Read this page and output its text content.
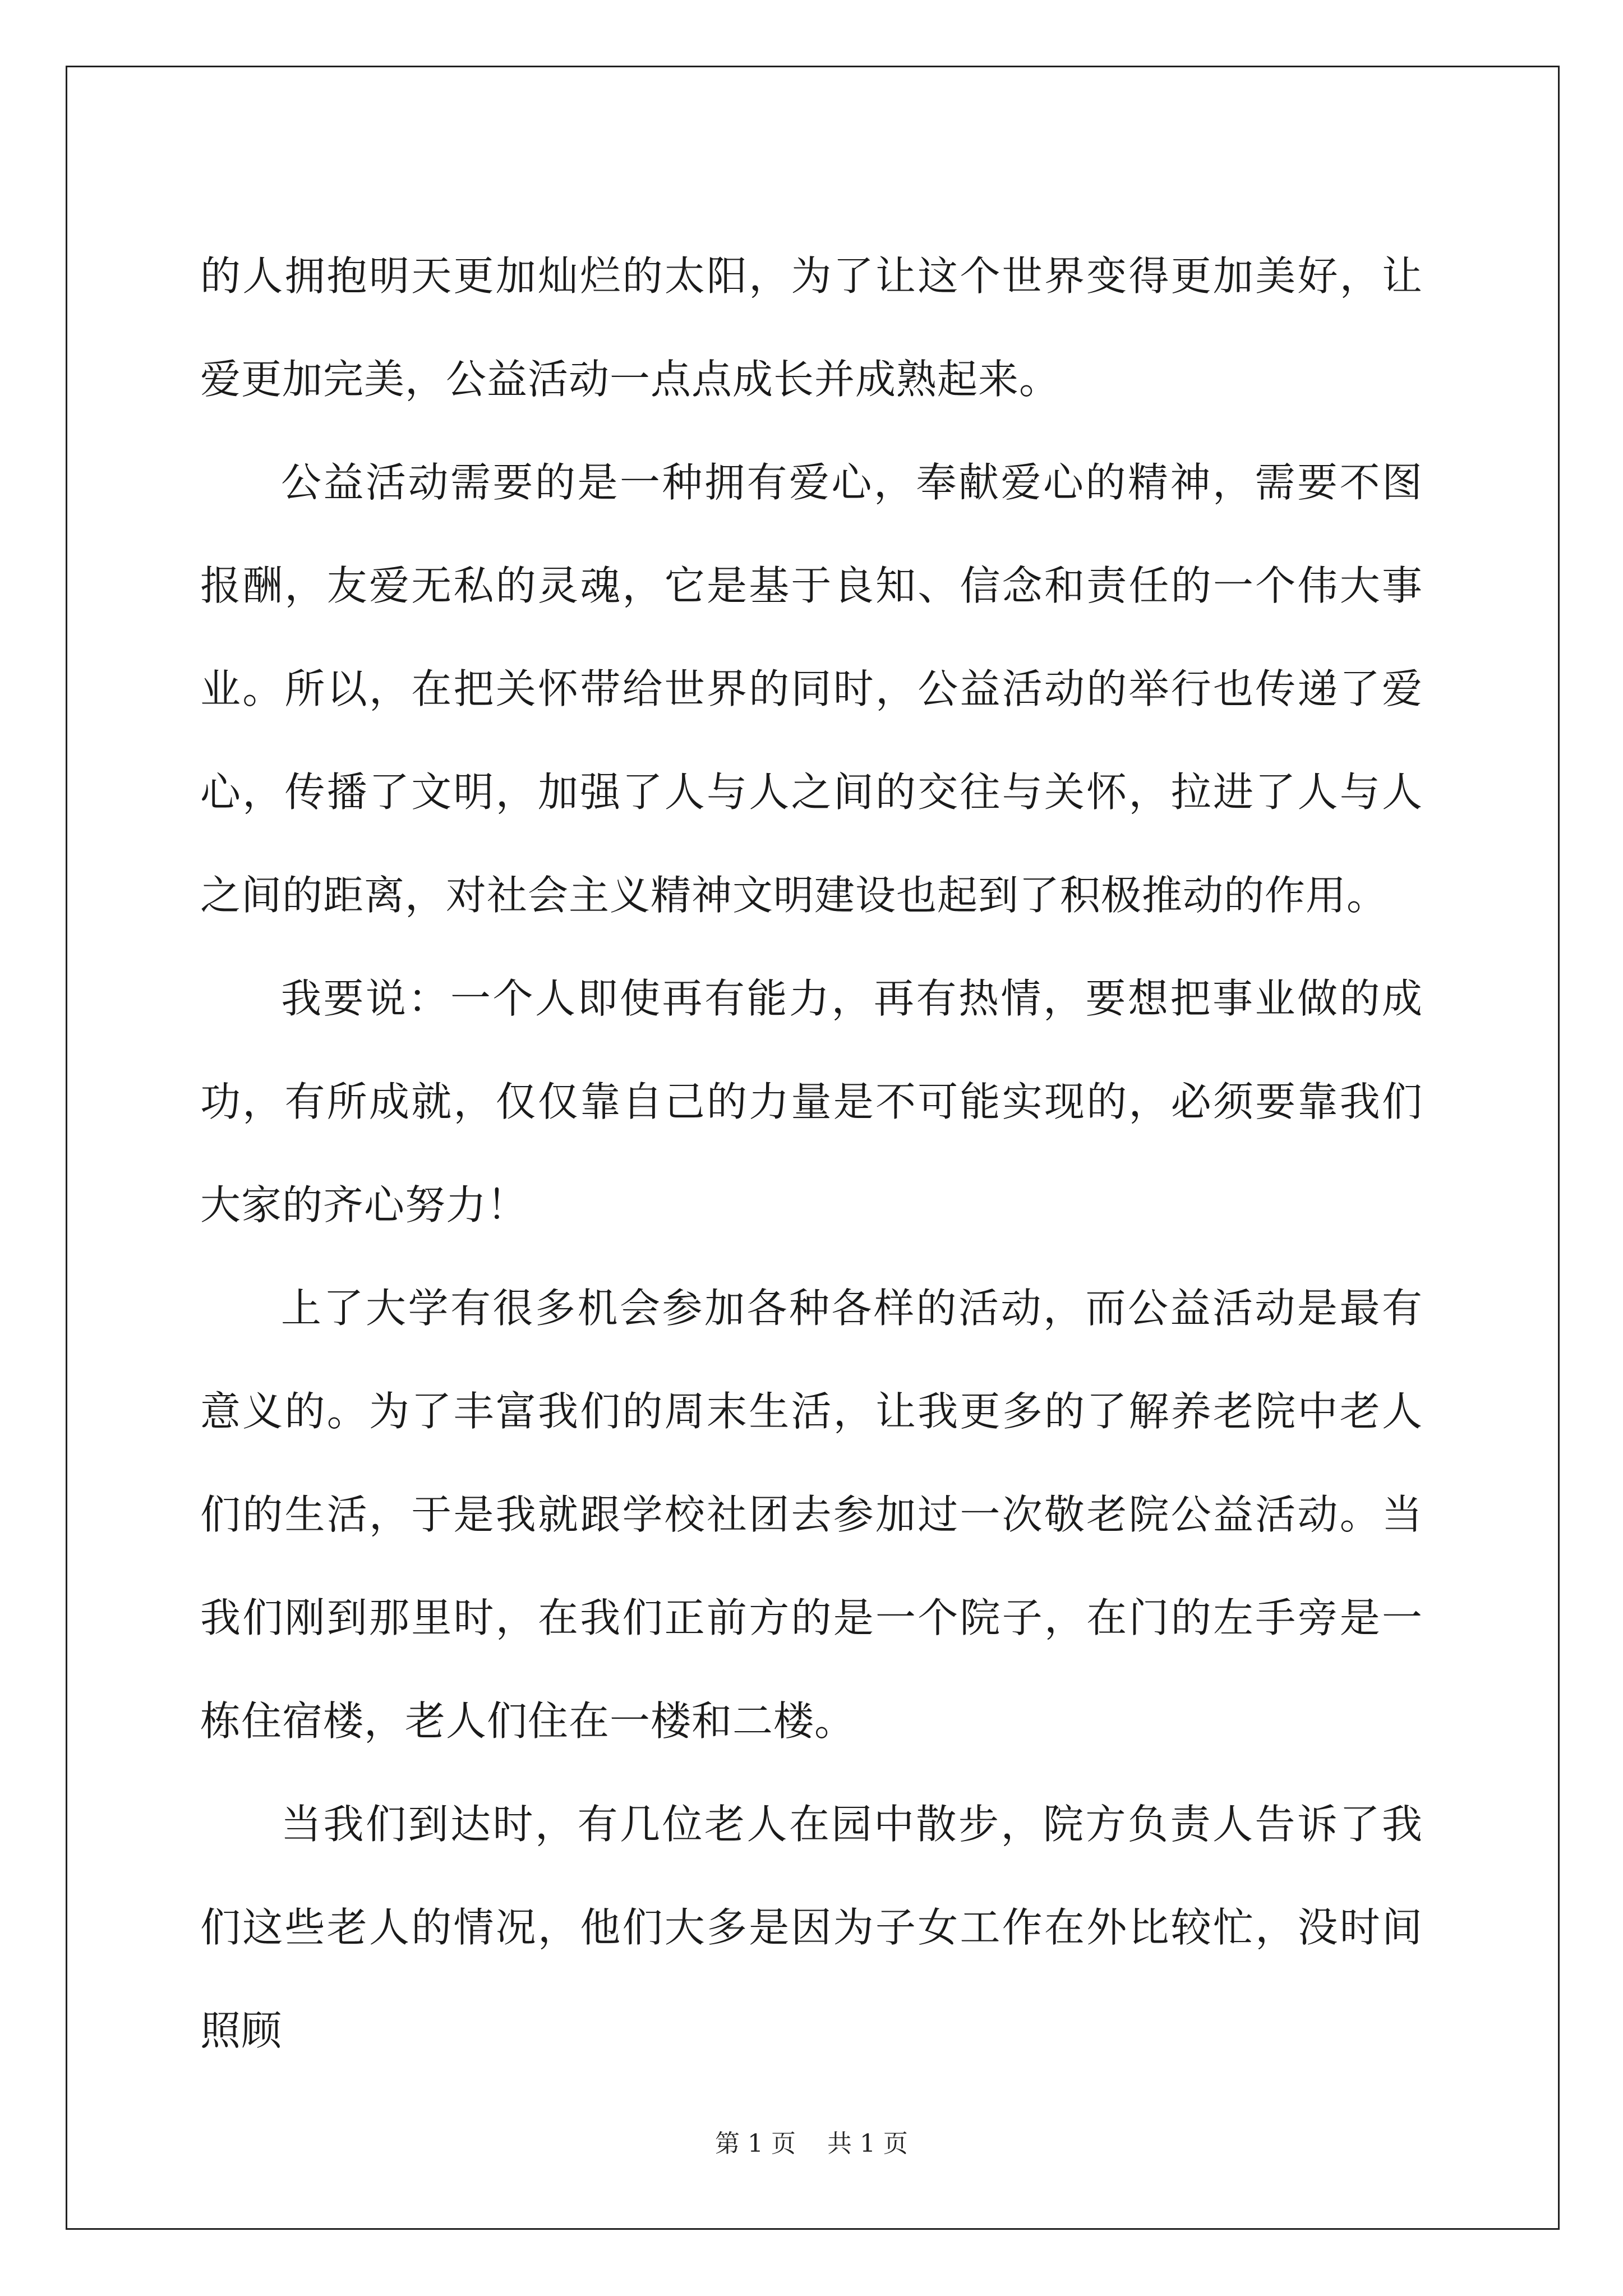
的人拥抱明天更加灿烂的太阳，为了让这个世界变得更加美好，让爱更加完美，公益活动一点点成长并成熟起来。

公益活动需要的是一种拥有爱心，奉献爱心的精神，需要不图报酬，友爱无私的灵魂，它是基于良知、信念和责任的一个伟大事业。所以，在把关怀带给世界的同时，公益活动的举行也传递了爱心，传播了文明，加强了人与人之间的交往与关怀，拉进了人与人之间的距离，对社会主义精神文明建设也起到了积极推动的作用。

我要说：一个人即使再有能力，再有热情，要想把事业做的成功，有所成就，仅仅靠自己的力量是不可能实现的，必须要靠我们大家的齐心努力！

上了大学有很多机会参加各种各样的活动，而公益活动是最有意义的。为了丰富我们的周末生活，让我更多的了解养老院中老人们的生活，于是我就跟学校社团去参加过一次敬老院公益活动。当我们刚到那里时，在我们正前方的是一个院子，在门的左手旁是一栋住宿楼，老人们住在一楼和二楼。

当我们到达时，有几位老人在园中散步，院方负责人告诉了我们这些老人的情况，他们大多是因为子女工作在外比较忙，没时间照顾

第 1 页    共 1 页
